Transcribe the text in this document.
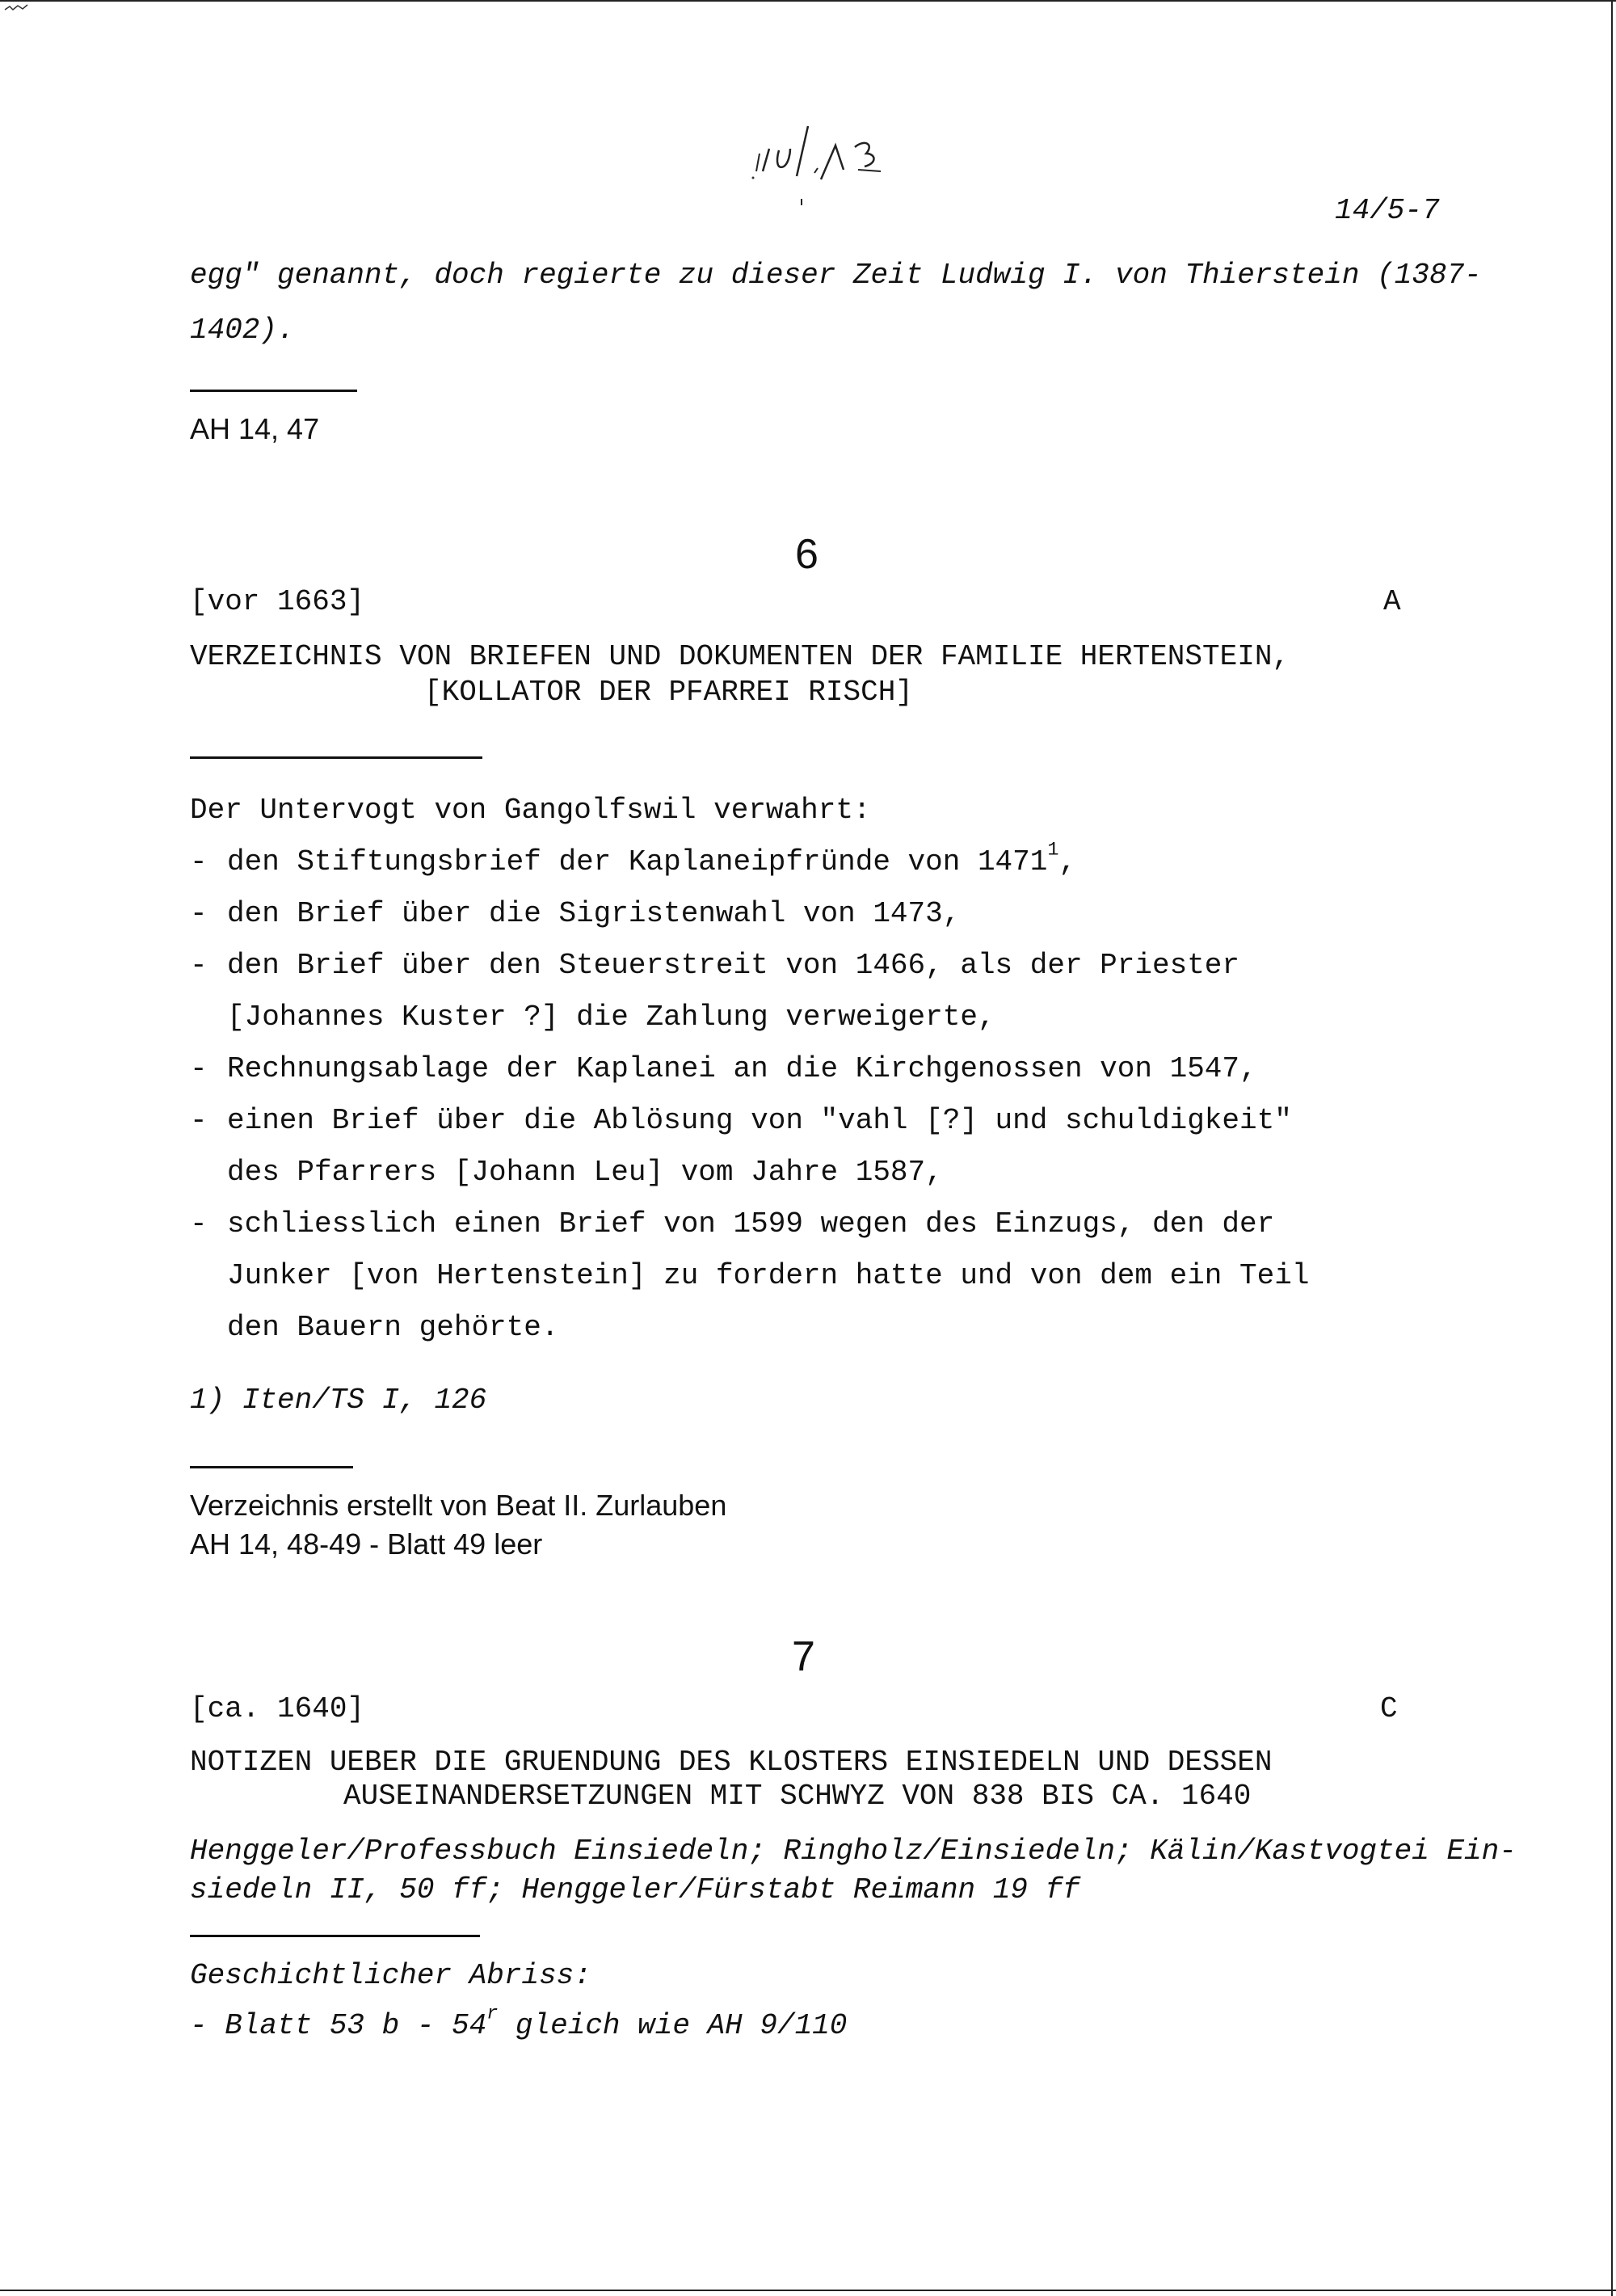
14/5-7
egg" genannt, doch regierte zu dieser Zeit Ludwig I. von Thierstein (1387-
1402).
AH 14, 47
6
[vor 1663]	A
VERZEICHNIS VON BRIEFEN UND DOKUMENTEN DER FAMILIE HERTENSTEIN,
[KOLLATOR DER PFARREI RISCH]
Der Untervogt von Gangolfswil verwahrt:
- den Stiftungsbrief der Kaplaneipfründe von 1471$^1$,
- den Brief über die Sigristenwahl von 1473,
- den Brief über den Steuerstreit von 1466, als der Priester
[Johannes Kuster ?] die Zahlung verweigerte,
- Rechnungsablage der Kaplanei an die Kirchgenossen von 1547,
- einen Brief über die Ablösung von "vahl [?] und schuldigkeit"
des Pfarrers [Johann Leu] vom Jahre 1587,
- schliesslich einen Brief von 1599 wegen des Einzugs, den der
Junker [von Hertenstein] zu fordern hatte und von dem ein Teil
den Bauern gehörte.
1) Iten/TS I, 126
Verzeichnis erstellt von Beat II. Zurlauben
AH 14, 48-49 - Blatt 49 leer
7
[ca. 1640]	C
NOTIZEN UEBER DIE GRUENDUNG DES KLOSTERS EINSIEDELN UND DESSEN
AUSEINANDERSETZUNGEN MIT SCHWYZ VON 838 BIS CA. 1640
Henggeler/Professbuch Einsiedeln; Ringholz/Einsiedeln; Kälin/Kastvogtei Ein-
siedeln II, 50 ff; Henggeler/Fürstabt Reimann 19 ff
Geschichtlicher Abriss:
- Blatt 53 b - 54$^r$ gleich wie AH 9/110
